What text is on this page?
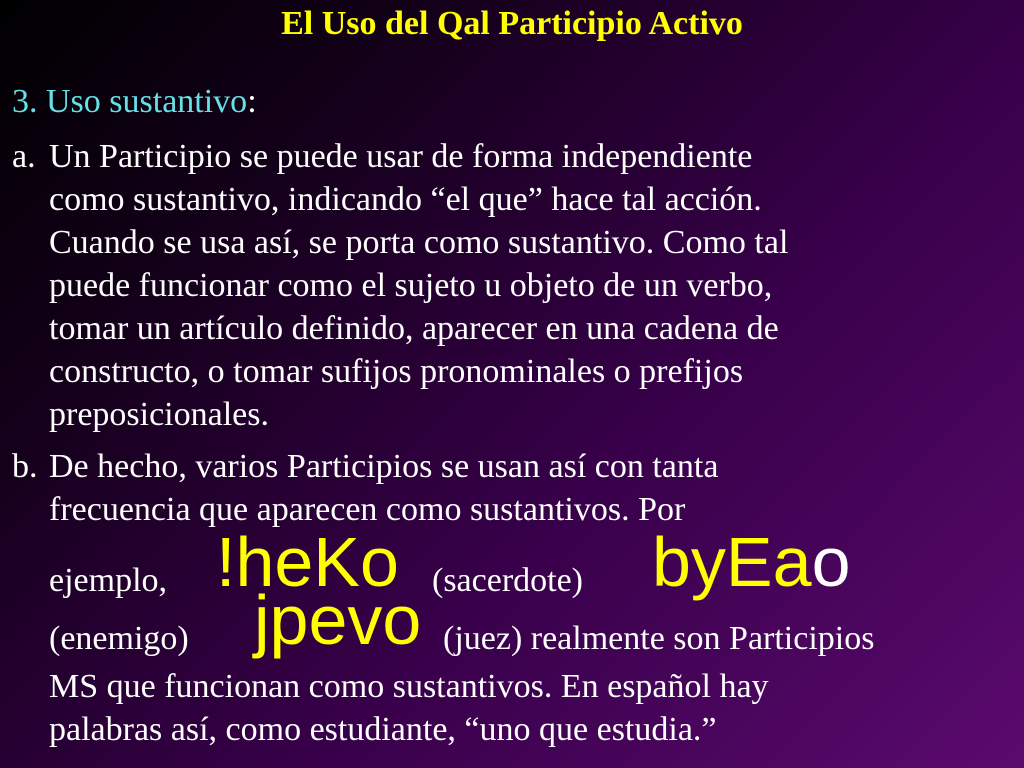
El Uso del Qal Participio Activo
3. Uso sustantivo:
a. Un Participio se puede usar de forma independiente
como sustantivo, indicando “el que” hace tal acción.
Cuando se usa así, se porta como sustantivo. Como tal
puede funcionar como el sujeto u objeto de un verbo,
tomar un artículo definido, aparecer en una cadena de
constructo, o tomar sufijos pronominales o prefijos
preposicionales.
b. De hecho, varios Participios se usan así con tanta
frecuencia que aparecen como sustantivos. Por
ejemplo, !heKo (sacerdote) byEao
(enemigo) jpevo (juez) realmente son Participios
MS que funcionan como sustantivos. En español hay
palabras así, como estudiante, “uno que estudia.”
